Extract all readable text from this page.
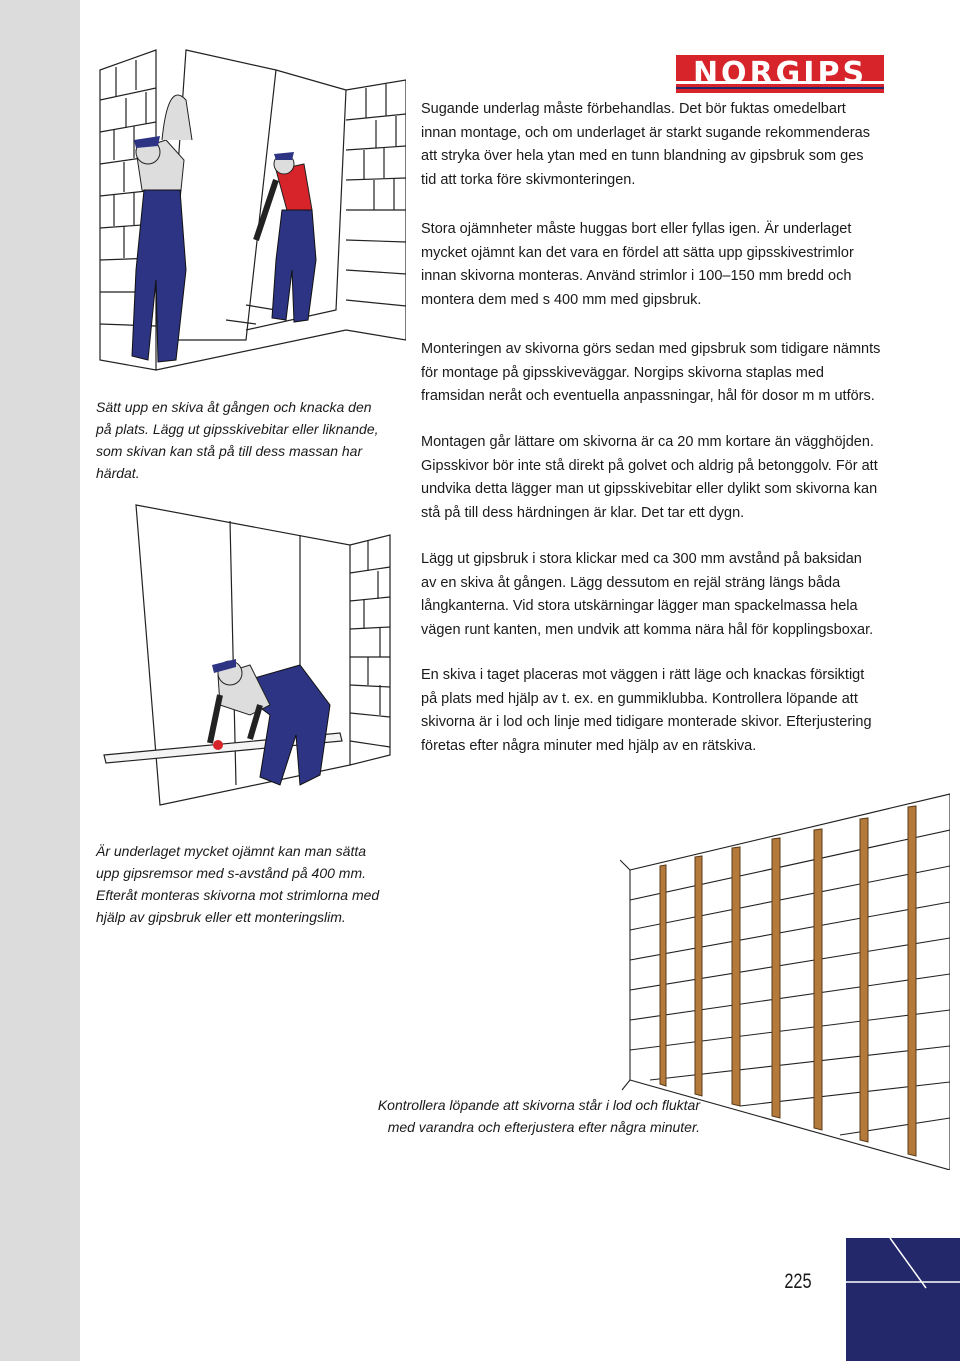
NORGIPS

Sugande underlag måste förbehandlas. Det bör fuktas omedelbart innan montage, och om underlaget är starkt sugande rekommenderas att stryka över hela ytan med en tunn blandning av gipsbruk som ges tid att torka före skivmonteringen.

Stora ojämnheter måste huggas bort eller fyllas igen. Är underlaget mycket ojämnt kan det vara en fördel att sätta upp gipsskivestrimlor innan skivorna monteras. Använd strimlor i 100–150 mm bredd och montera dem med s 400 mm med gipsbruk.

Monteringen av skivorna görs sedan med gipsbruk som tidigare nämnts för montage på gipsskiveväggar. Norgips skivorna staplas med framsidan neråt och eventuella anpassningar, hål för dosor m m utförs.

Montagen går lättare om skivorna är ca 20 mm kortare än vägghöjden. Gipsskivor bör inte stå direkt på golvet och aldrig på betonggolv. För att undvika detta lägger man ut gipsskivebitar eller dylikt som skivorna kan stå på till dess härdningen är klar. Det tar ett dygn.

Lägg ut gipsbruk i stora klickar med ca 300 mm avstånd på baksidan av en skiva åt gången. Lägg dessutom en rejäl sträng längs båda långkanterna. Vid stora utskärningar lägger man spackelmassa hela vägen runt kanten, men undvik att komma nära hål för kopplingsboxar.

En skiva i taget placeras mot väggen i rätt läge och knackas försiktigt på plats med hjälp av t. ex. en gummiklubba. Kontrollera löpande att skivorna är i lod och linje med tidigare monterade skivor. Efterjustering företas efter några minuter med hjälp av en rätskiva.

Sätt upp en skiva åt gången och knacka den på plats. Lägg ut gipsskivebitar eller liknande, som skivan kan stå på till dess massan har härdat.

Är underlaget mycket ojämnt kan man sätta upp gipsremsor med s-avstånd på 400 mm. Efteråt monteras skivorna mot strimlorna med hjälp av gipsbruk eller ett monteringslim.

Kontrollera löpande att skivorna står i lod och fluktar med varandra och efterjustera efter några minuter.

225
